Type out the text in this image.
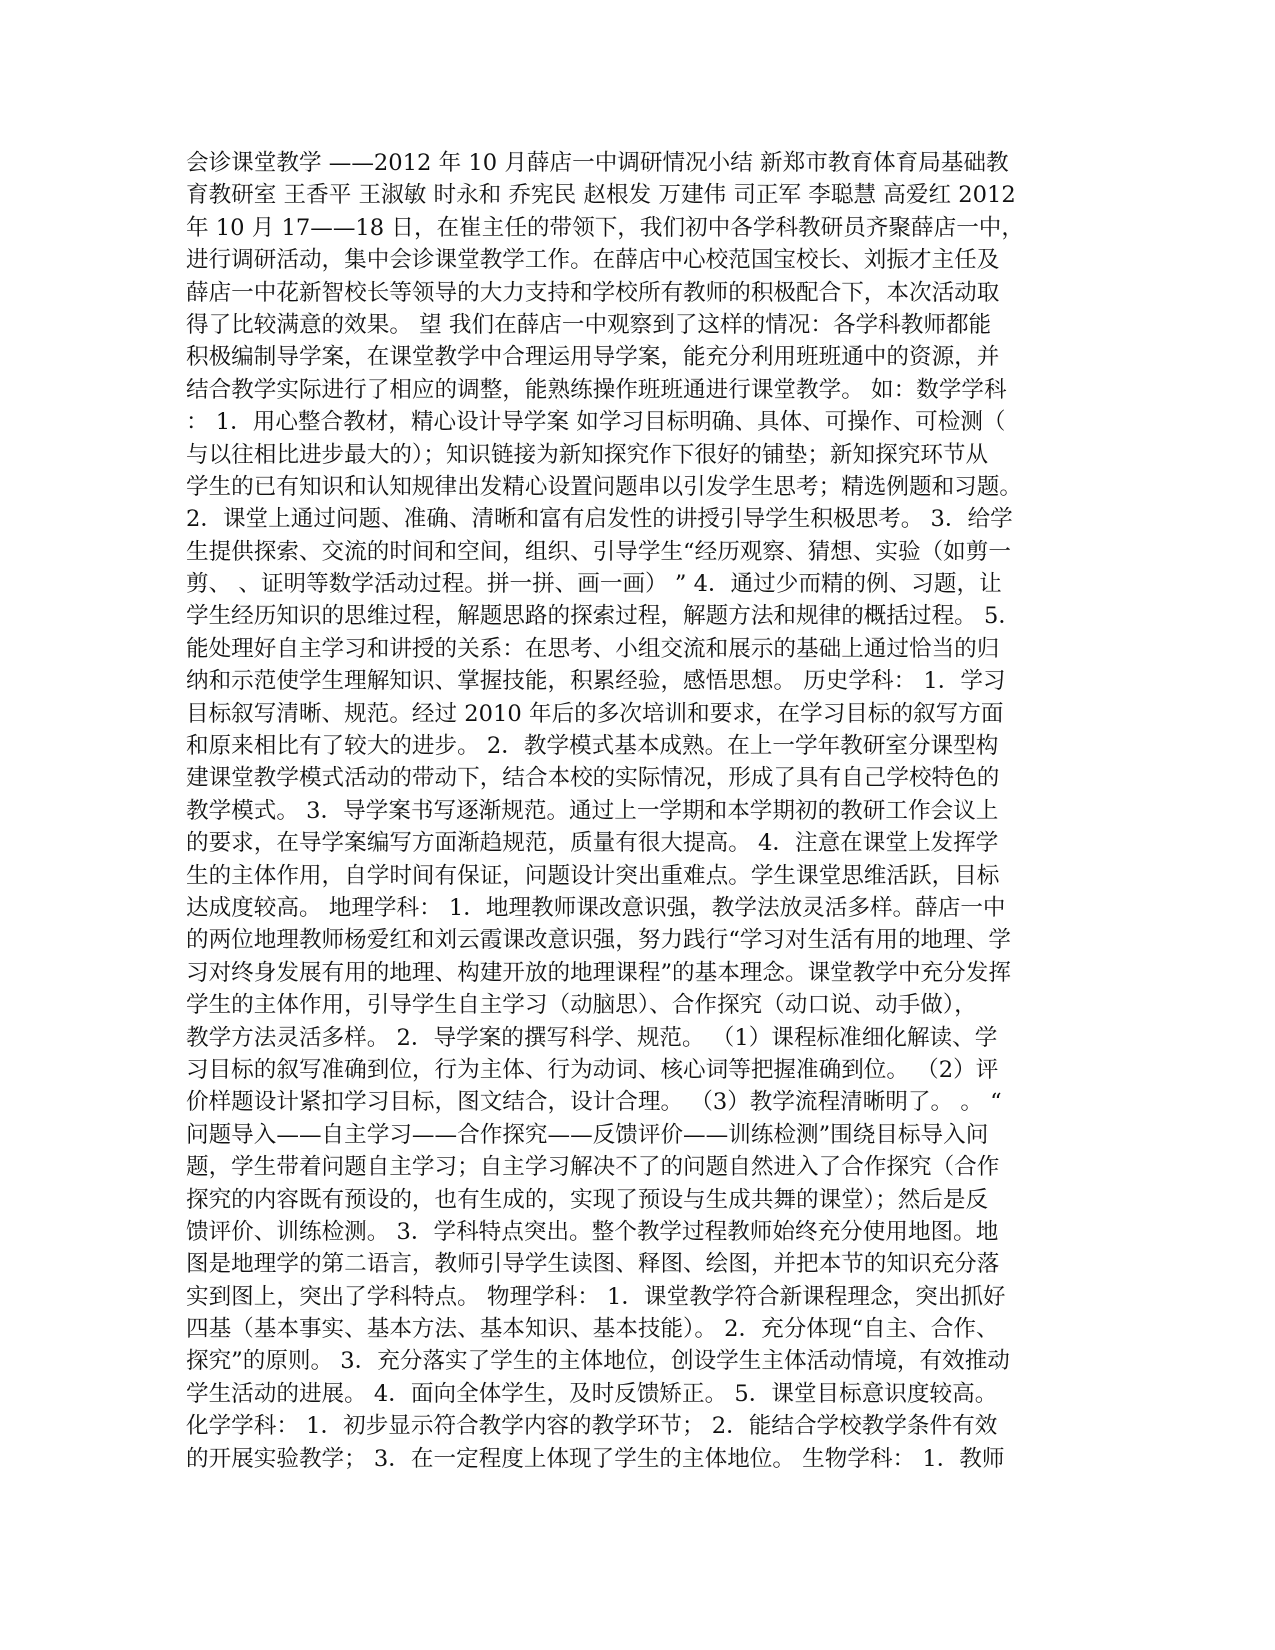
会诊课堂教学 ——2012 年 10 月薛店一中调研情况小结 新郑市教育体育局基础教
育教研室 王香平 王淑敏 时永和 乔宪民 赵根发 万建伟 司正军 李聪慧 高爱红 2012
年 10 月 17——18 日，在崔主任的带领下，我们初中各学科教研员齐聚薛店一中，
进行调研活动，集中会诊课堂教学工作。在薛店中心校范国宝校长、刘振才主任及
薛店一中花新智校长等领导的大力支持和学校所有教师的积极配合下，本次活动取
得了比较满意的效果。 望 我们在薛店一中观察到了这样的情况：各学科教师都能
积极编制导学案，在课堂教学中合理运用导学案，能充分利用班班通中的资源，并
结合教学实际进行了相应的调整，能熟练操作班班通进行课堂教学。 如：数学学科
： 1．用心整合教材，精心设计导学案 如学习目标明确、具体、可操作、可检测（
与以往相比进步最大的）；知识链接为新知探究作下很好的铺垫；新知探究环节从
学生的已有知识和认知规律出发精心设置问题串以引发学生思考；精选例题和习题。
2．课堂上通过问题、准确、清晰和富有启发性的讲授引导学生积极思考。 3．给学
生提供探索、交流的时间和空间，组织、引导学生“经历观察、猜想、实验（如剪一
剪、 、证明等数学活动过程。拼一拼、画一画） ” 4．通过少而精的例、习题，让
学生经历知识的思维过程，解题思路的探索过程，解题方法和规律的概括过程。 5．
能处理好自主学习和讲授的关系：在思考、小组交流和展示的基础上通过恰当的归
纳和示范使学生理解知识、掌握技能，积累经验，感悟思想。 历史学科： 1．学习
目标叙写清晰、规范。经过 2010 年后的多次培训和要求，在学习目标的叙写方面
和原来相比有了较大的进步。 2．教学模式基本成熟。在上一学年教研室分课型构
建课堂教学模式活动的带动下，结合本校的实际情况，形成了具有自己学校特色的
教学模式。 3．导学案书写逐渐规范。通过上一学期和本学期初的教研工作会议上
的要求，在导学案编写方面渐趋规范，质量有很大提高。 4．注意在课堂上发挥学
生的主体作用，自学时间有保证，问题设计突出重难点。学生课堂思维活跃，目标
达成度较高。 地理学科： 1．地理教师课改意识强，教学法放灵活多样。薛店一中
的两位地理教师杨爱红和刘云霞课改意识强，努力践行“学习对生活有用的地理、学
习对终身发展有用的地理、构建开放的地理课程”的基本理念。课堂教学中充分发挥
学生的主体作用，引导学生自主学习（动脑思）、合作探究（动口说、动手做），
教学方法灵活多样。 2．导学案的撰写科学、规范。 （1）课程标准细化解读、学
习目标的叙写准确到位，行为主体、行为动词、核心词等把握准确到位。 （2）评
价样题设计紧扣学习目标，图文结合，设计合理。 （3）教学流程清晰明了。 。 “
问题导入——自主学习——合作探究——反馈评价——训练检测”围绕目标导入问
题，学生带着问题自主学习；自主学习解决不了的问题自然进入了合作探究（合作
探究的内容既有预设的，也有生成的，实现了预设与生成共舞的课堂）；然后是反
馈评价、训练检测。 3．学科特点突出。整个教学过程教师始终充分使用地图。地
图是地理学的第二语言，教师引导学生读图、释图、绘图，并把本节的知识充分落
实到图上，突出了学科特点。 物理学科： 1．课堂教学符合新课程理念，突出抓好
四基（基本事实、基本方法、基本知识、基本技能）。 2．充分体现“自主、合作、
探究”的原则。 3．充分落实了学生的主体地位，创设学生主体活动情境，有效推动
学生活动的进展。 4．面向全体学生，及时反馈矫正。 5．课堂目标意识度较高。
化学学科： 1．初步显示符合教学内容的教学环节； 2．能结合学校教学条件有效
的开展实验教学； 3．在一定程度上体现了学生的主体地位。 生物学科： 1．教师
